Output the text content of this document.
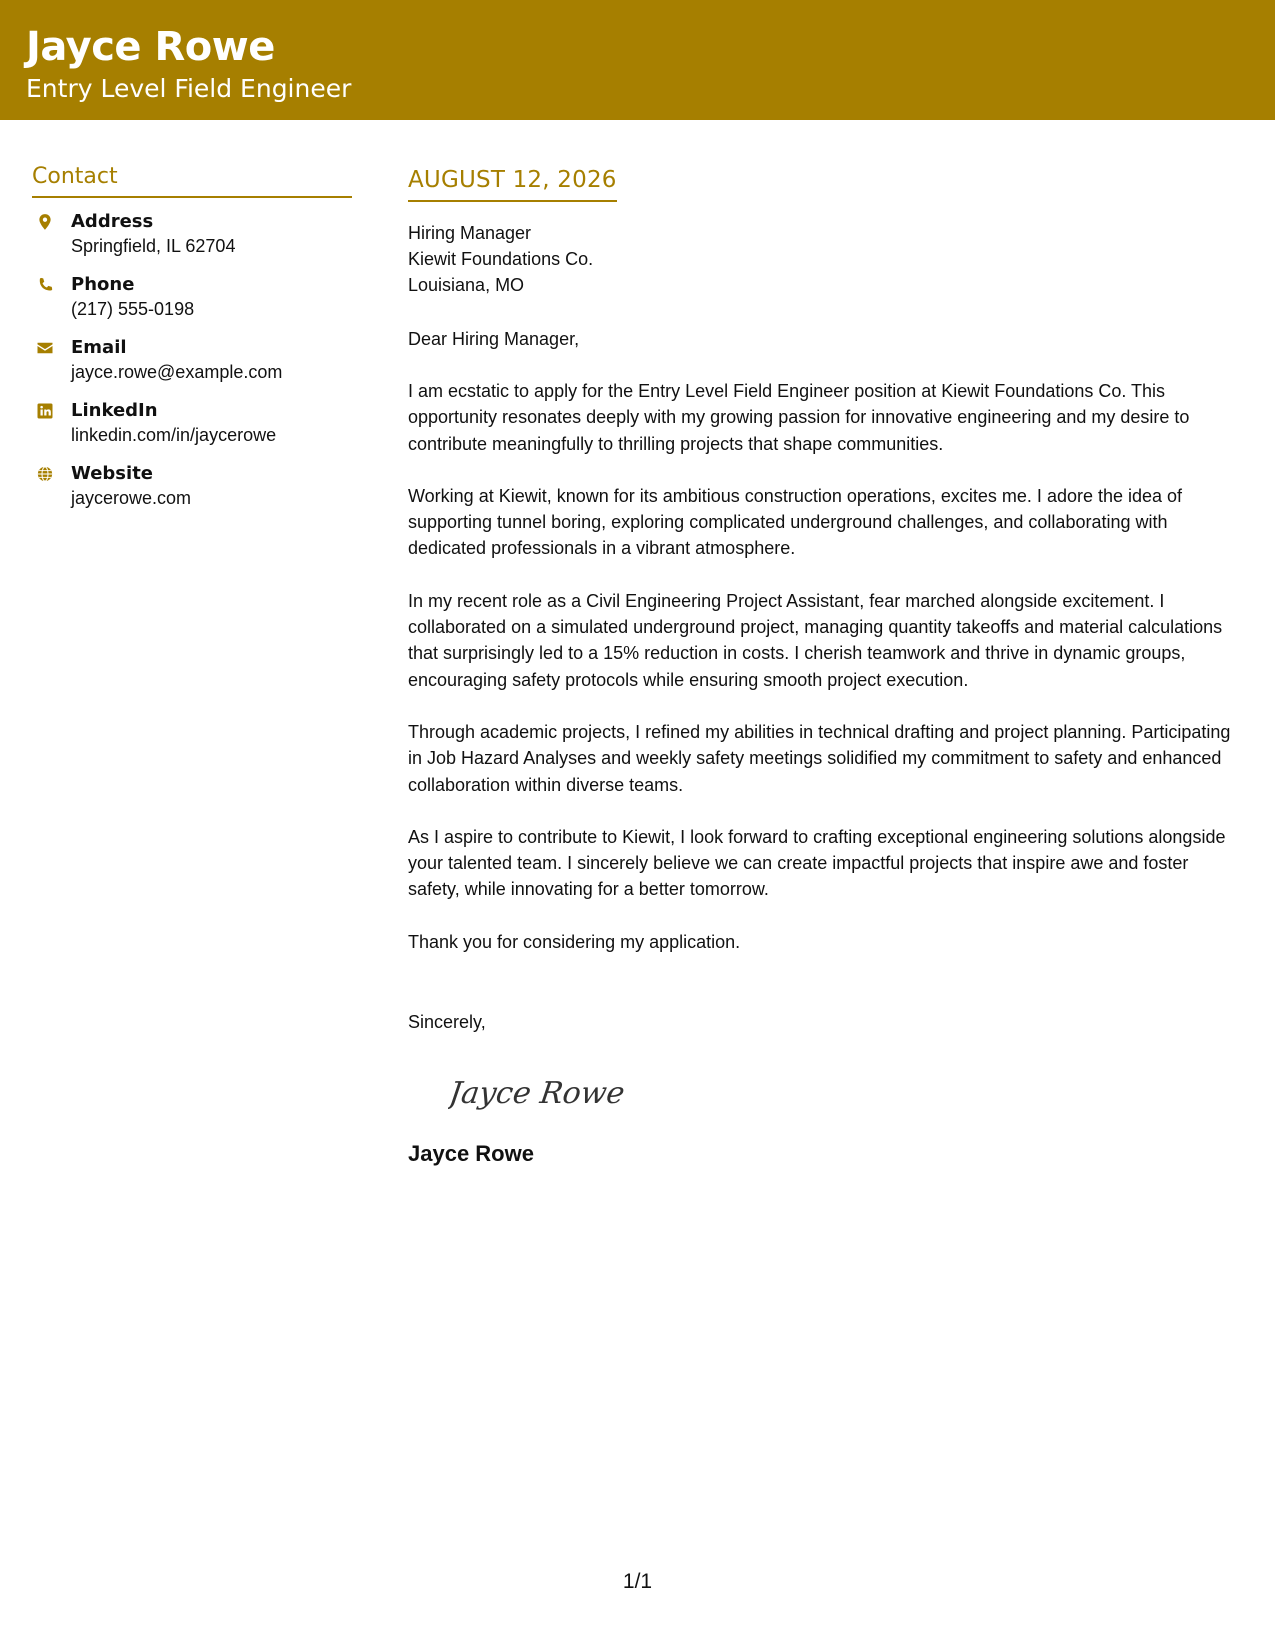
Jayce Rowe
Entry Level Field Engineer
Contact
Address
Springfield, IL 62704
Phone
(217) 555-0198
Email
jayce.rowe@example.com
LinkedIn
linkedin.com/in/jaycerowe
Website
jaycerowe.com
AUGUST 12, 2026
Hiring Manager
Kiewit Foundations Co.
Louisiana, MO
Dear Hiring Manager,
I am ecstatic to apply for the Entry Level Field Engineer position at Kiewit Foundations Co. This opportunity resonates deeply with my growing passion for innovative engineering and my desire to contribute meaningfully to thrilling projects that shape communities.
Working at Kiewit, known for its ambitious construction operations, excites me. I adore the idea of supporting tunnel boring, exploring complicated underground challenges, and collaborating with dedicated professionals in a vibrant atmosphere.
In my recent role as a Civil Engineering Project Assistant, fear marched alongside excitement. I collaborated on a simulated underground project, managing quantity takeoffs and material calculations that surprisingly led to a 15% reduction in costs. I cherish teamwork and thrive in dynamic groups, encouraging safety protocols while ensuring smooth project execution.
Through academic projects, I refined my abilities in technical drafting and project planning. Participating in Job Hazard Analyses and weekly safety meetings solidified my commitment to safety and enhanced collaboration within diverse teams.
As I aspire to contribute to Kiewit, I look forward to crafting exceptional engineering solutions alongside your talented team. I sincerely believe we can create impactful projects that inspire awe and foster safety, while innovating for a better tomorrow.
Thank you for considering my application.
Sincerely,
Jayce Rowe
Jayce Rowe
1/1
